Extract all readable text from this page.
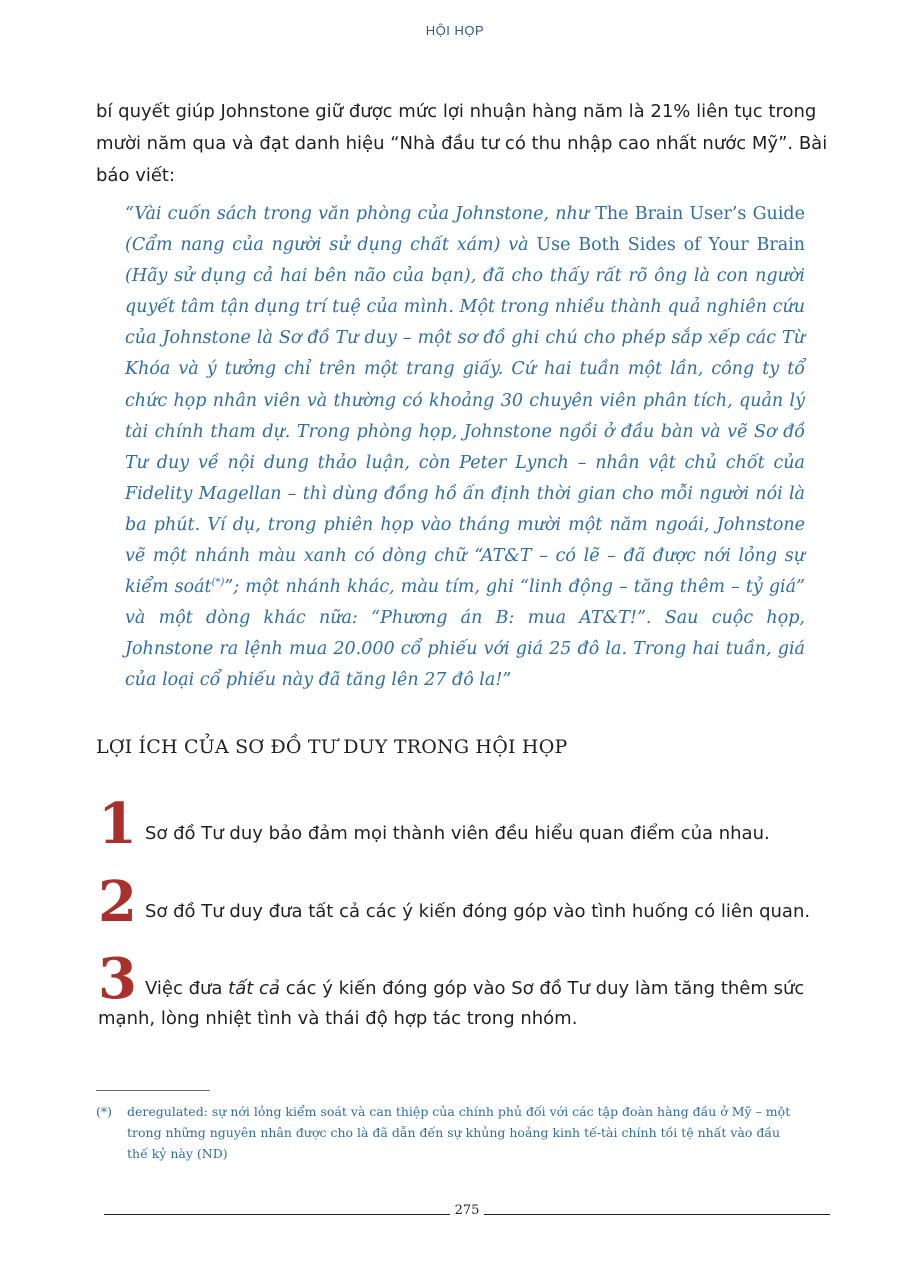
HỘI HỌP

bí quyết giúp Johnstone giữ được mức lợi nhuận hàng năm là 21% liên tục trong mười năm qua và đạt danh hiệu “Nhà đầu tư có thu nhập cao nhất nước Mỹ”. Bài báo viết:

“Vài cuốn sách trong văn phòng của Johnstone, như The Brain User’s Guide (Cẩm nang của người sử dụng chất xám) và Use Both Sides of Your Brain (Hãy sử dụng cả hai bên não của bạn), đã cho thấy rất rõ ông là con người quyết tâm tận dụng trí tuệ của mình. Một trong nhiều thành quả nghiên cứu của Johnstone là Sơ đồ Tư duy – một sơ đồ ghi chú cho phép sắp xếp các Từ Khóa và ý tưởng chỉ trên một trang giấy. Cứ hai tuần một lần, công ty tổ chức họp nhân viên và thường có khoảng 30 chuyên viên phân tích, quản lý tài chính tham dự. Trong phòng họp, Johnstone ngồi ở đầu bàn và vẽ Sơ đồ Tư duy về nội dung thảo luận, còn Peter Lynch – nhân vật chủ chốt của Fidelity Magellan – thì dùng đồng hồ ấn định thời gian cho mỗi người nói là ba phút. Ví dụ, trong phiên họp vào tháng mười một năm ngoái, Johnstone vẽ một nhánh màu xanh có dòng chữ “AT&T – có lẽ – đã được nới lỏng sự kiểm soát(*)”; một nhánh khác, màu tím, ghi “linh động – tăng thêm – tỷ giá” và một dòng khác nữa: “Phương án B: mua AT&T!”. Sau cuộc họp, Johnstone ra lệnh mua 20.000 cổ phiếu với giá 25 đô la. Trong hai tuần, giá của loại cổ phiếu này đã tăng lên 27 đô la!”

LỢI ÍCH CỦA SƠ ĐỒ TƯ DUY TRONG HỘI HỌP
1 Sơ đồ Tư duy bảo đảm mọi thành viên đều hiểu quan điểm của nhau.
2 Sơ đồ Tư duy đưa tất cả các ý kiến đóng góp vào tình huống có liên quan.
3 Việc đưa tất cả các ý kiến đóng góp vào Sơ đồ Tư duy làm tăng thêm sức mạnh, lòng nhiệt tình và thái độ hợp tác trong nhóm.

(*) deregulated: sự nới lỏng kiểm soát và can thiệp của chính phủ đối với các tập đoàn hàng đầu ở Mỹ – một
trong những nguyên nhân được cho là đã dẫn đến sự khủng hoảng kinh tế-tài chính tồi tệ nhất vào đầu
thế kỷ này (ND)

275
